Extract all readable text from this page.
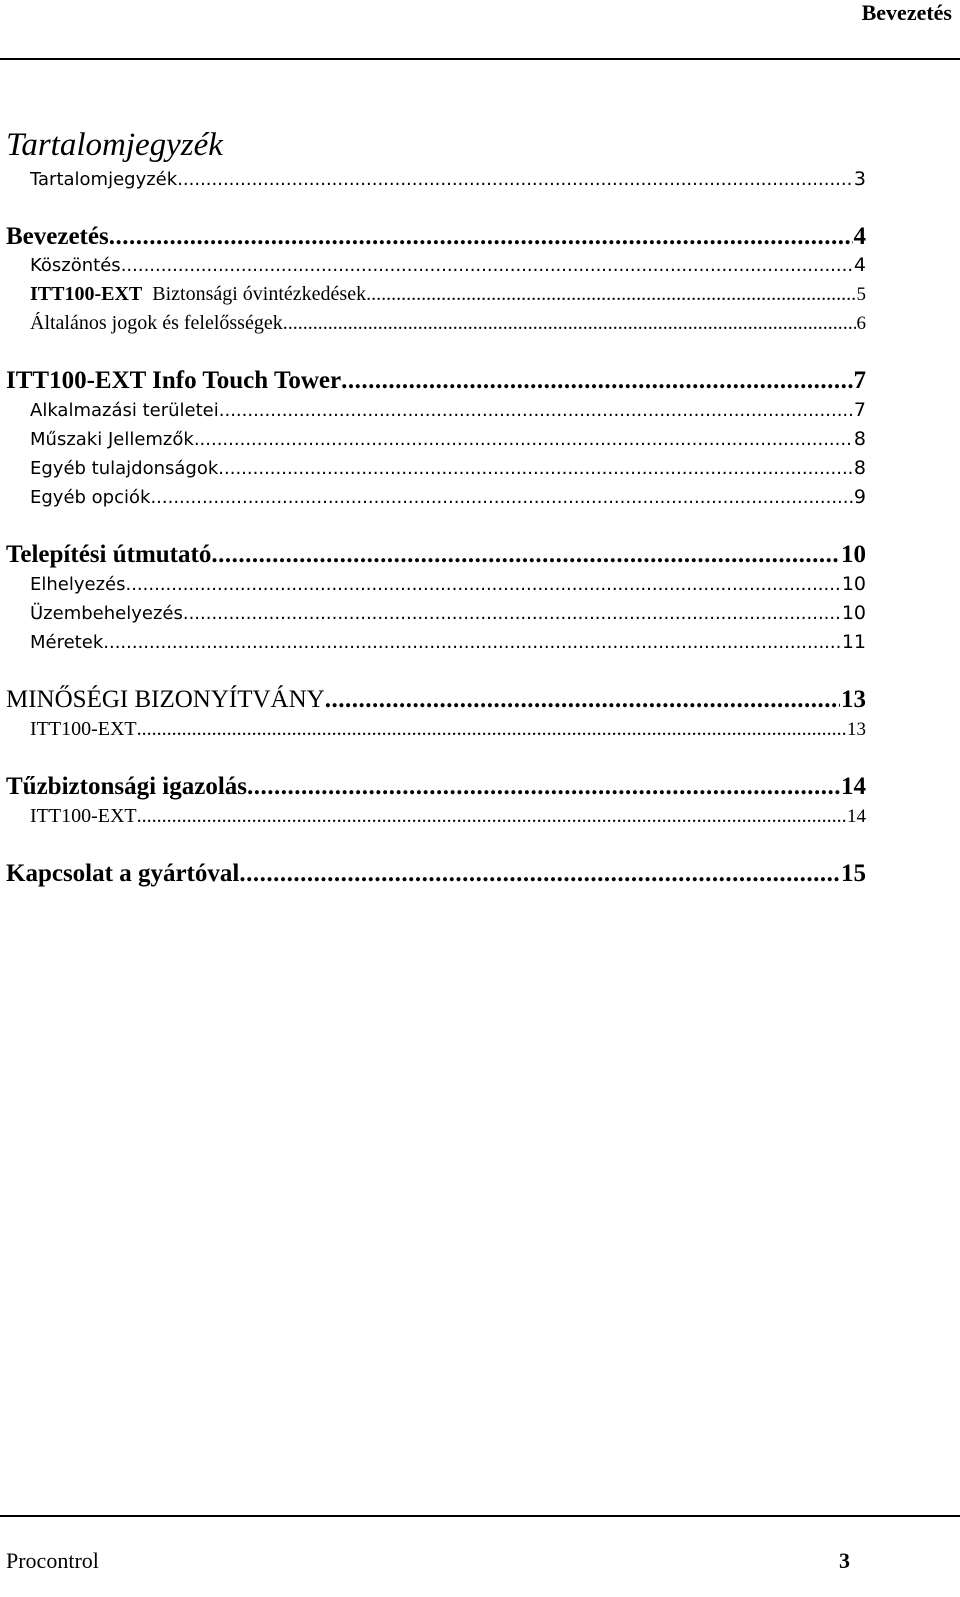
Bevezetés
Tartalomjegyzék
Tartalomjegyzék .....	3
Bevezetés .....	4
Köszöntés .....	4
ITT100-EXT Biztonsági óvintézkedések .....	5
Általános jogok és felelősségek .....	6
ITT100-EXT Info Touch Tower .....	7
Alkalmazási területei .....	7
Műszaki Jellemzők .....	8
Egyéb tulajdonságok .....	8
Egyéb opciók .....	9
Telepítési útmutató .....	10
Elhelyezés .....	10
Üzembehelyezés .....	10
Méretek .....	11
MINŐSÉGI BIZONYÍTVÁNY .....	13
ITT100-EXT .....	13
Tűzbiztonsági igazolás .....	14
ITT100-EXT .....	14
Kapcsolat a gyártóval .....	15
Procontrol	3
